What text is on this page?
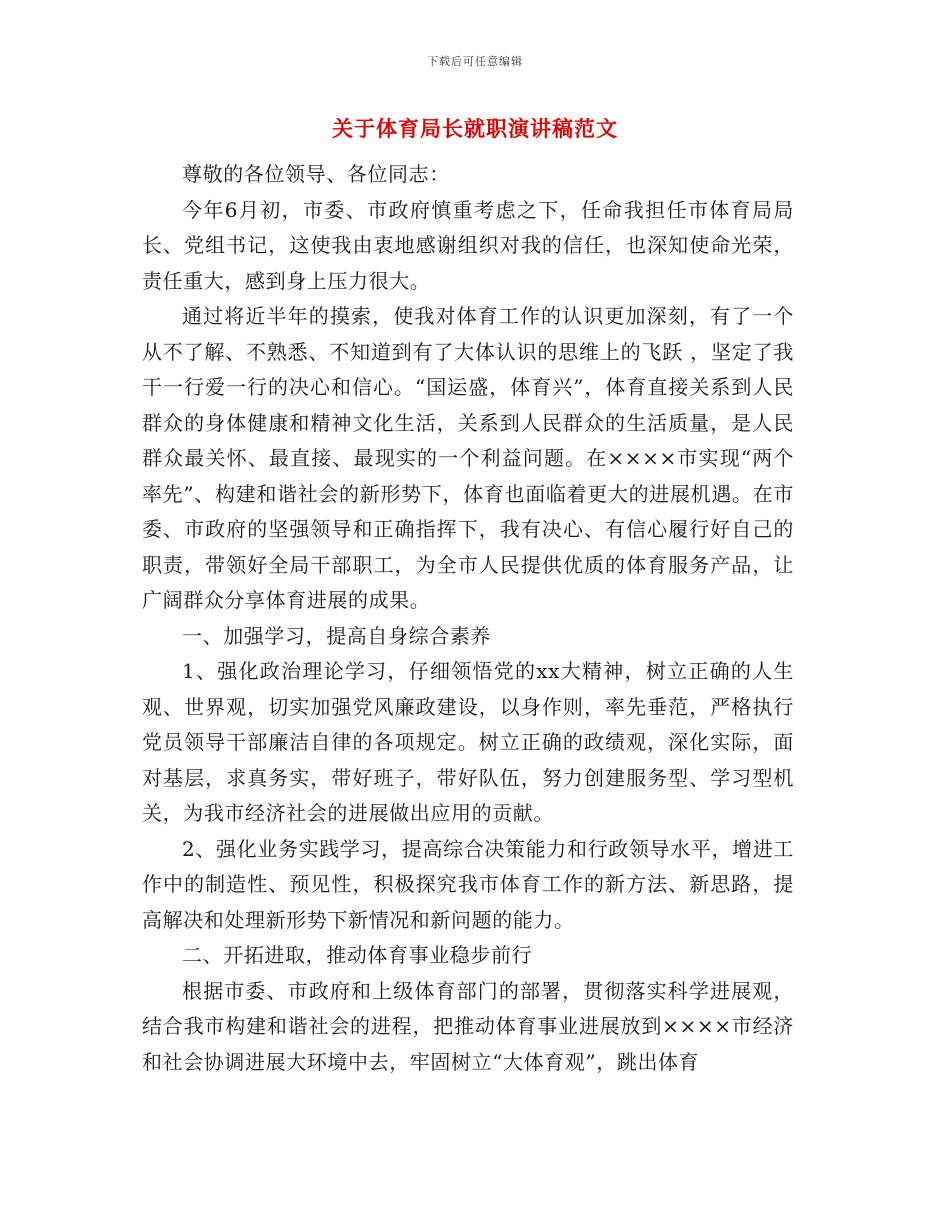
下载后可任意编辑
关于体育局长就职演讲稿范文

尊敬的各位领导、各位同志：

今年6月初，市委、市政府慎重考虑之下，任命我担任市体育局局长、党组书记，这使我由衷地感谢组织对我的信任，也深知使命光荣，责任重大，感到身上压力很大。

通过将近半年的摸索，使我对体育工作的认识更加深刻，有了一个从不了解、不熟悉、不知道到有了大体认识的思维上的飞跃 ，坚定了我干一行爱一行的决心和信心。“国运盛，体育兴”，体育直接关系到人民群众的身体健康和精神文化生活，关系到人民群众的生活质量，是人民群众最关怀、最直接、最现实的一个利益问题。在××××市实现“两个率先”、构建和谐社会的新形势下，体育也面临着更大的进展机遇。在市委、市政府的坚强领导和正确指挥下，我有决心、有信心履行好自己的职责，带领好全局干部职工，为全市人民提供优质的体育服务产品，让广阔群众分享体育进展的成果。

一、加强学习，提高自身综合素养

1、强化政治理论学习，仔细领悟党的xx大精神，树立正确的人生观、世界观，切实加强党风廉政建设，以身作则，率先垂范，严格执行党员领导干部廉洁自律的各项规定。树立正确的政绩观，深化实际，面对基层，求真务实，带好班子，带好队伍，努力创建服务型、学习型机关，为我市经济社会的进展做出应用的贡献。

2、强化业务实践学习，提高综合决策能力和行政领导水平，增进工作中的制造性、预见性，积极探究我市体育工作的新方法、新思路，提高解决和处理新形势下新情况和新问题的能力。

二、开拓进取，推动体育事业稳步前行

根据市委、市政府和上级体育部门的部署，贯彻落实科学进展观，结合我市构建和谐社会的进程，把推动体育事业进展放到××××市经济和社会协调进展大环境中去，牢固树立“大体育观”，跳出体育
